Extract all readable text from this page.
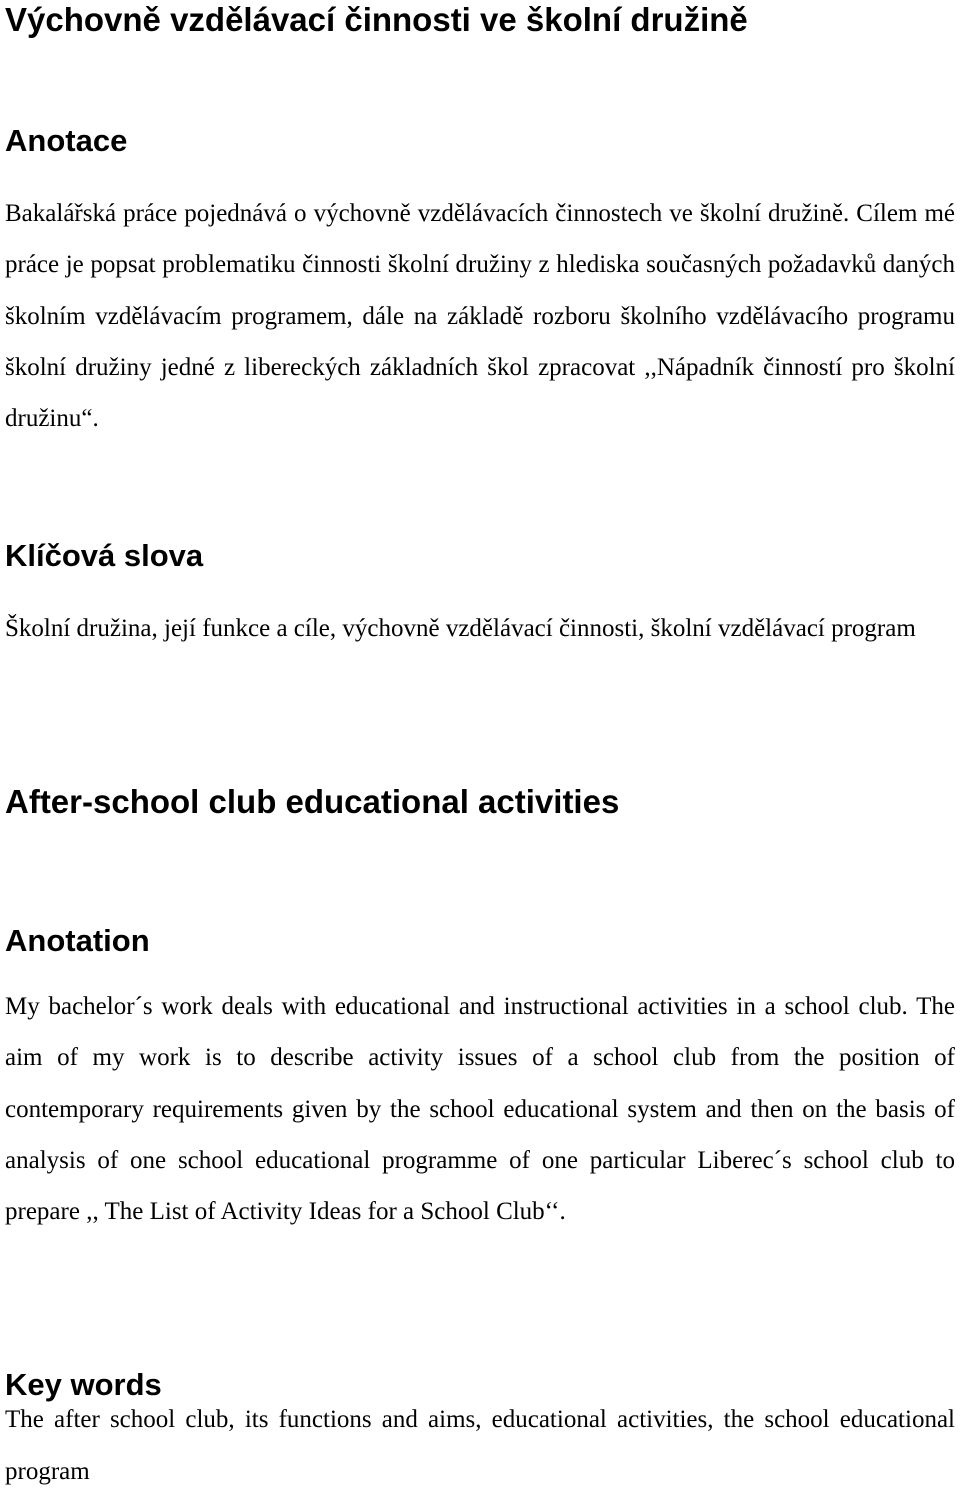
Výchovně vzdělávací činnosti ve školní družině
Anotace

Bakalářská práce pojednává o výchovně vzdělávacích činnostech ve školní družině. Cílem mé práce je popsat problematiku činnosti školní družiny z hlediska současných požadavků daných školním vzdělávacím programem, dále na základě rozboru školního vzdělávacího programu školní družiny jedné z libereckých základních škol zpracovat ,,Nápadník činností pro školní družinu“.

Klíčová slova

Školní družina, její funkce a cíle, výchovně vzdělávací činnosti, školní vzdělávací program

After-school club educational activities
Anotation

My bachelor´s work deals with educational and instructional activities in a school club. The aim of my work is to describe activity issues of a school club from the position of contemporary requirements given by the school educational system and then on the basis of analysis of one school educational programme of one particular Liberec´s school club to prepare ,, The List of Activity Ideas for a School Club‘‘.

Key words

The after school club, its functions and aims, educational activities, the school educational program
